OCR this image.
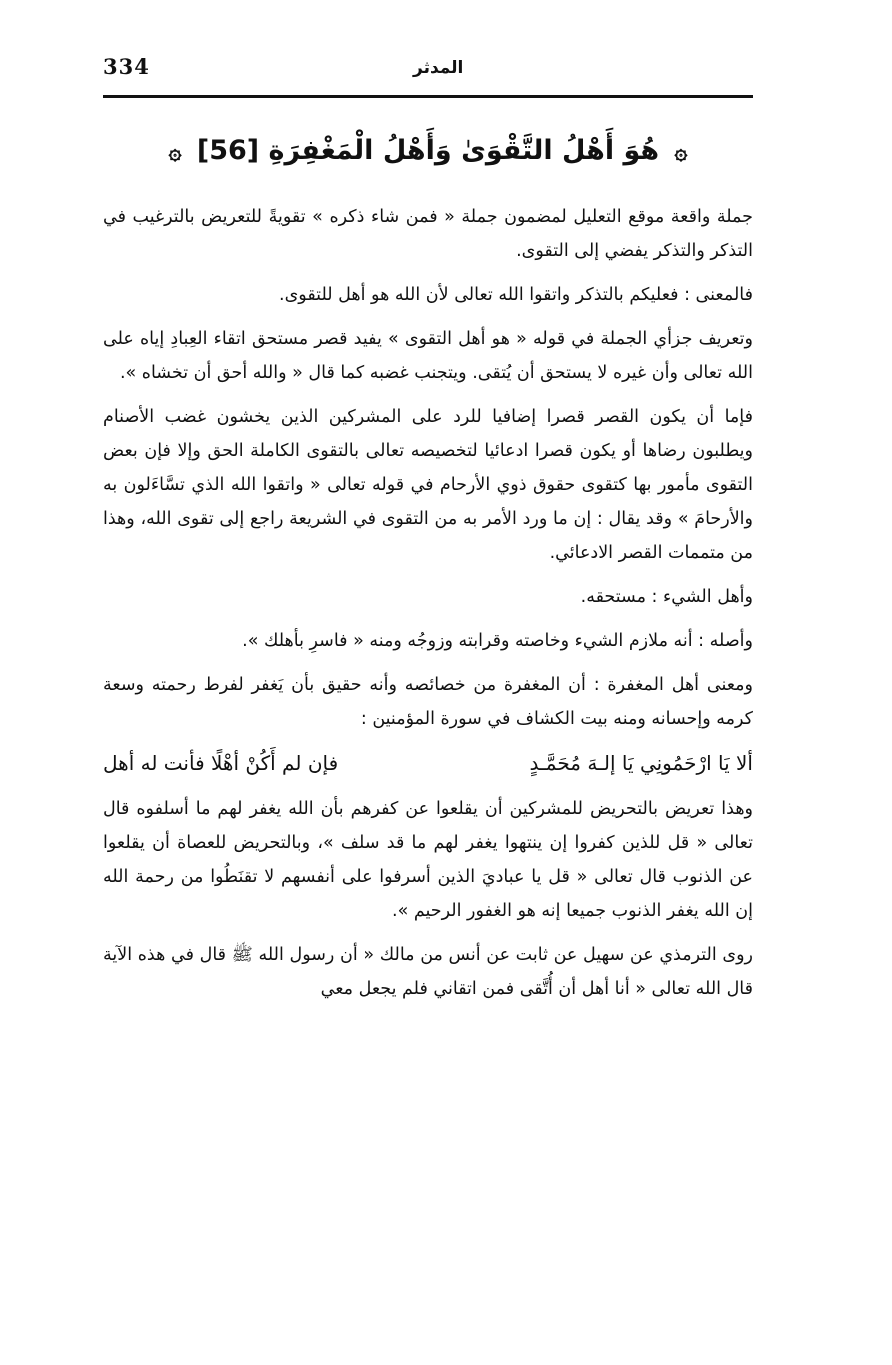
334	المدثر
۞ هُوَ أَهْلُ التَّقْوَىٰ وَأَهْلُ الْمَغْفِرَةِ [56] ۞

جملة واقعة موقع التعليل لمضمون جملة « فمن شاء ذكره » تقويةً للتعريض بالترغيب في التذكر والتذكر يفضي إلى التقوى.

فالمعنى : فعليكم بالتذكر واتقوا الله تعالى لأن الله هو أهل للتقوى.

وتعريف جزأي الجملة في قوله « هو أهل التقوى » يفيد قصر مستحق اتقاء العِبادِ إياه على الله تعالى وأن غيره لا يستحق أن يُتقى. ويتجنب غضبه كما قال « والله أحق أن تخشاه ».

فإما أن يكون القصر قصرا إضافيا للرد على المشركين الذين يخشون غضب الأصنام ويطلبون رضاها أو يكون قصرا ادعائيا لتخصيصه تعالى بالتقوى الكاملة الحق وإلا فإن بعض التقوى مأمور بها كتقوى حقوق ذوي الأرحام في قوله تعالى « واتقوا الله الذي تسَّاءَلون به والأرحامَ » وقد يقال : إن ما ورد الأمر به من التقوى في الشريعة راجع إلى تقوى الله، وهذا من متممات القصر الادعائي.

وأهل الشيء : مستحقه.

وأصله : أنه ملازم الشيء وخاصته وقرابته وزوجُه ومنه « فاسرِ بأهلك ».

ومعنى أهل المغفرة : أن المغفرة من خصائصه وأنه حقيق بأن يَغفر لفرط رحمته وسعة كرمه وإحسانه ومنه بيت الكشاف في سورة المؤمنين :

ألا يَا ارْحَمُونِي يَا إلـهَ مُحَمَّـدٍ
فإن لم أَكُنْ أهْلًا فأنت له أهل

وهذا تعريض بالتحريض للمشركين أن يقلعوا عن كفرهم بأن الله يغفر لهم ما أسلفوه قال تعالى « قل للذين كفروا إن ينتهوا يغفر لهم ما قد سلف »، وبالتحريض للعصاة أن يقلعوا عن الذنوب قال تعالى « قل يا عباديَ الذين أسرفوا على أنفسهم لا تقنَطُوا من رحمة الله إن الله يغفر الذنوب جميعا إنه هو الغفور الرحيم ».

روى الترمذي عن سهيل عن ثابت عن أنس من مالك « أن رسول الله ﷺ قال في هذه الآية قال الله تعالى « أنا أهل أن أُتَّقى فمن اتقاني فلم يجعل معي
